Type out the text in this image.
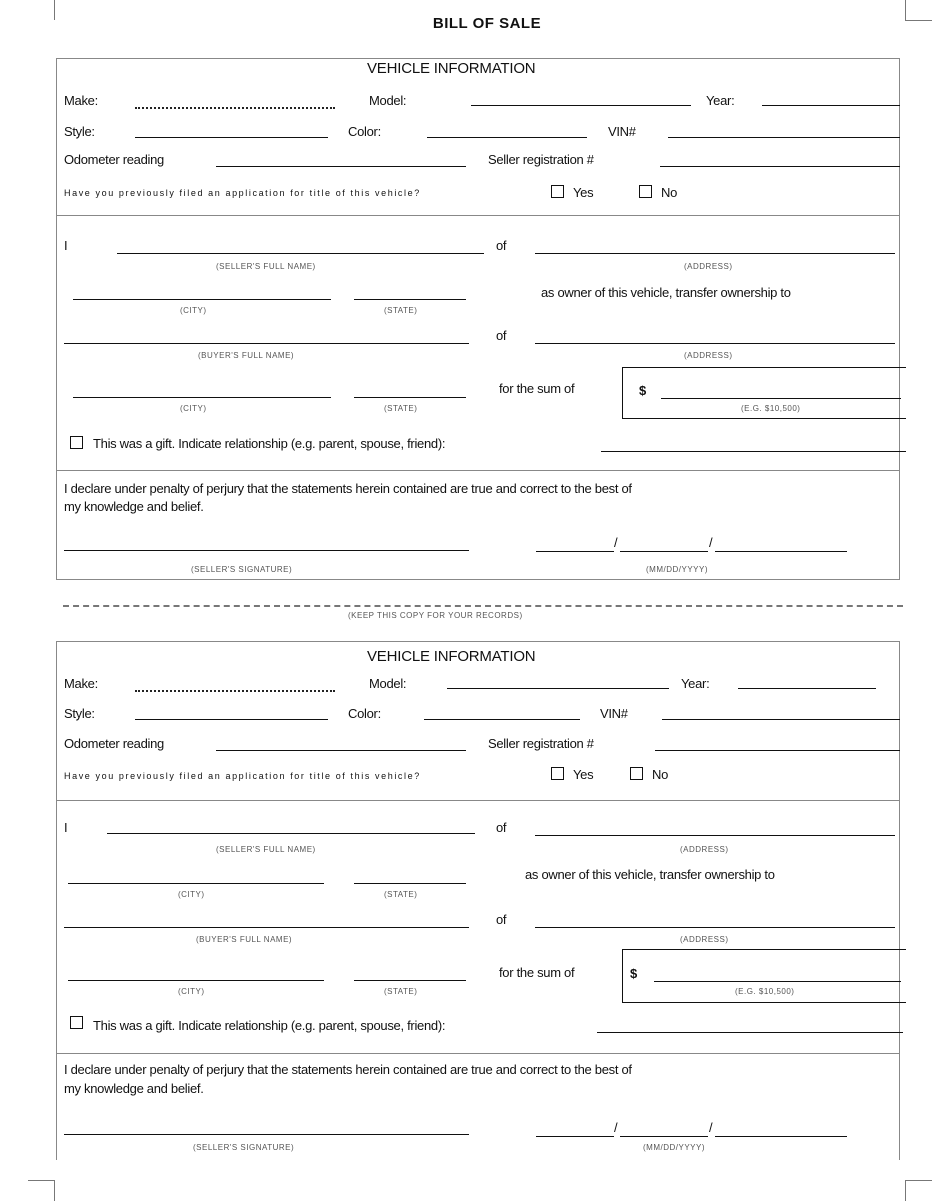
BILL OF SALE
VEHICLE INFORMATION
Make:	Model:	Year:
Style:	Color:	VIN#
Odometer reading	Seller registration #
Have you previously filed an application for title of this vehicle?	Yes	No
I
(SELLER'S FULL NAME)
of
(ADDRESS)
(CITY)	(STATE)
as owner of this vehicle, transfer ownership to
(BUYER'S FULL NAME)
of
(ADDRESS)
(CITY)	(STATE)
for the sum of	$
(E.G. $10,500)
This was a gift. Indicate relationship (e.g. parent, spouse, friend):
I declare under penalty of perjury that the statements herein contained are true and correct to the best of
my knowledge and belief.
(SELLER'S SIGNATURE)
/	/
(MM/DD/YYYY)
(KEEP THIS COPY FOR YOUR RECORDS)
VEHICLE INFORMATION
Make:	Model:	Year:
Style:	Color:	VIN#
Odometer reading	Seller registration #
Have you previously filed an application for title of this vehicle?	Yes	No
I
(SELLER'S FULL NAME)
of
(ADDRESS)
(CITY)	(STATE)
as owner of this vehicle, transfer ownership to
(BUYER'S FULL NAME)
of
(ADDRESS)
(CITY)	(STATE)
for the sum of	$
(E.G. $10,500)
This was a gift. Indicate relationship (e.g. parent, spouse, friend):
I declare under penalty of perjury that the statements herein contained are true and correct to the best of
my knowledge and belief.
(SELLER'S SIGNATURE)
/	/
(MM/DD/YYYY)
